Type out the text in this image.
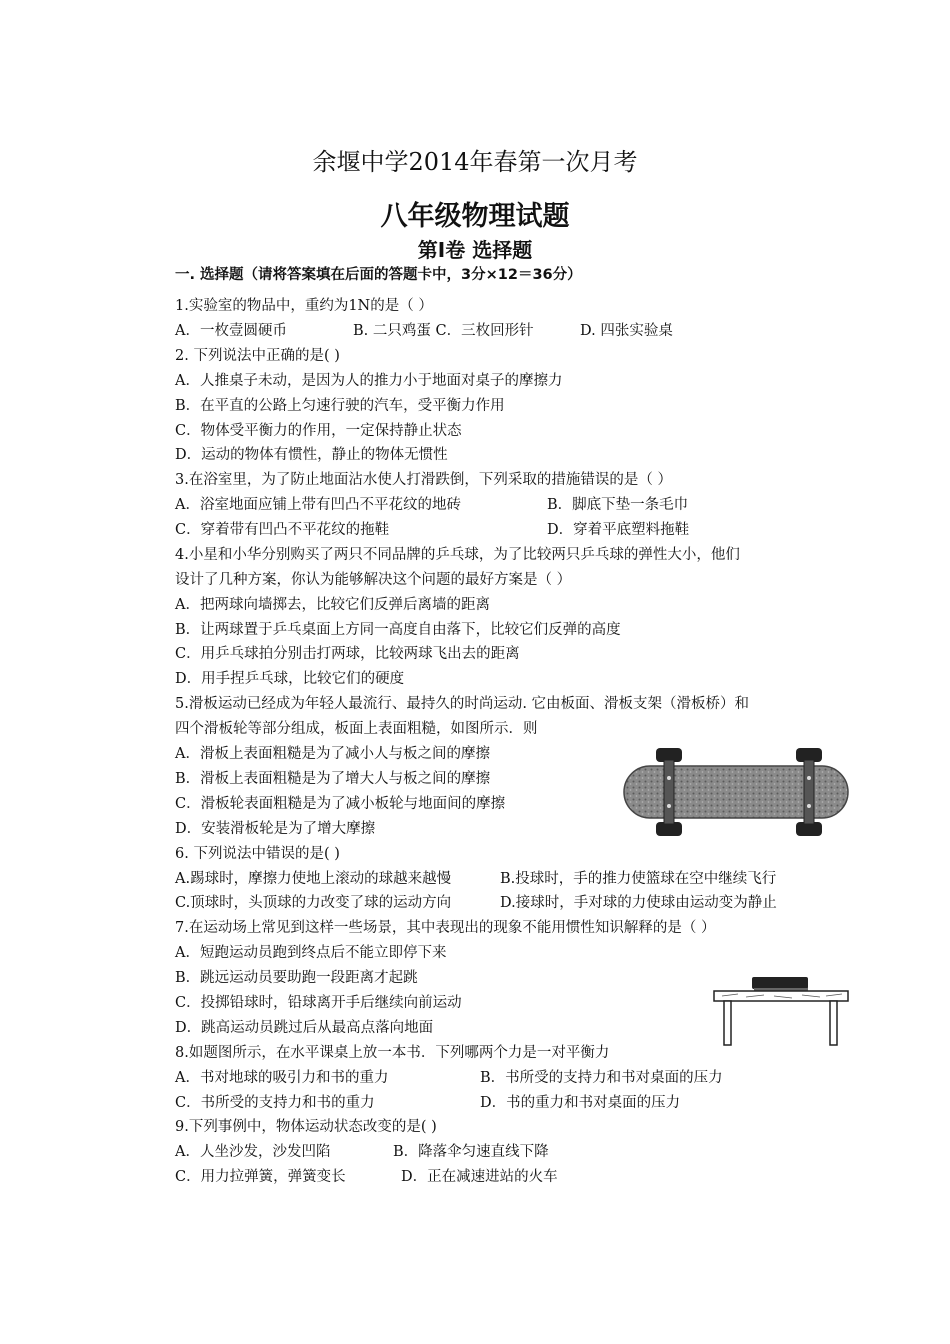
余堰中学2014年春第一次月考
八年级物理试题
第Ⅰ卷 选择题
一. 选择题（请将答案填在后面的答题卡中，3分×12＝36分）
1.实验室的物品中，重约为1N的是（ ）
A．一枚壹圆硬币	B. 二只鸡蛋 C．三枚回形针	D. 四张实验桌
2. 下列说法中正确的是( )
A．人推桌子未动，是因为人的推力小于地面对桌子的摩擦力
B．在平直的公路上匀速行驶的汽车，受平衡力作用
C．物体受平衡力的作用，一定保持静止状态
D．运动的物体有惯性，静止的物体无惯性
3.在浴室里，为了防止地面沾水使人打滑跌倒，下列采取的措施错误的是（ ）
A．浴室地面应铺上带有凹凸不平花纹的地砖	B．脚底下垫一条毛巾
C．穿着带有凹凸不平花纹的拖鞋	D．穿着平底塑料拖鞋
4.小星和小华分别购买了两只不同品牌的乒乓球，为了比较两只乒乓球的弹性大小，他们
设计了几种方案，你认为能够解决这个问题的最好方案是（ ）
A．把两球向墙掷去，比较它们反弹后离墙的距离
B．让两球置于乒乓桌面上方同一高度自由落下，比较它们反弹的高度
C．用乒乓球拍分别击打两球，比较两球飞出去的距离
D．用手捏乒乓球，比较它们的硬度
5.滑板运动已经成为年轻人最流行、最持久的时尚运动. 它由板面、滑板支架（滑板桥）和
四个滑板轮等部分组成，板面上表面粗糙，如图所示．则
A．滑板上表面粗糙是为了减小人与板之间的摩擦
B．滑板上表面粗糙是为了增大人与板之间的摩擦
C．滑板轮表面粗糙是为了减小板轮与地面间的摩擦
D．安装滑板轮是为了增大摩擦
6. 下列说法中错误的是( )
A.踢球时，摩擦力使地上滚动的球越来越慢	B.投球时，手的推力使篮球在空中继续飞行
C.顶球时，头顶球的力改变了球的运动方向	D.接球时，手对球的力使球由运动变为静止
7.在运动场上常见到这样一些场景，其中表现出的现象不能用惯性知识解释的是（ ）
A．短跑运动员跑到终点后不能立即停下来
B．跳远运动员要助跑一段距离才起跳
C．投掷铅球时，铅球离开手后继续向前运动
D．跳高运动员跳过后从最高点落向地面
8.如题图所示，在水平课桌上放一本书．下列哪两个力是一对平衡力
A．书对地球的吸引力和书的重力	B．书所受的支持力和书对桌面的压力
C．书所受的支持力和书的重力	D．书的重力和书对桌面的压力
9.下列事例中，物体运动状态改变的是( )
A．人坐沙发，沙发凹陷	B．降落伞匀速直线下降
C．用力拉弹簧，弹簧变长	D．正在减速进站的火车
